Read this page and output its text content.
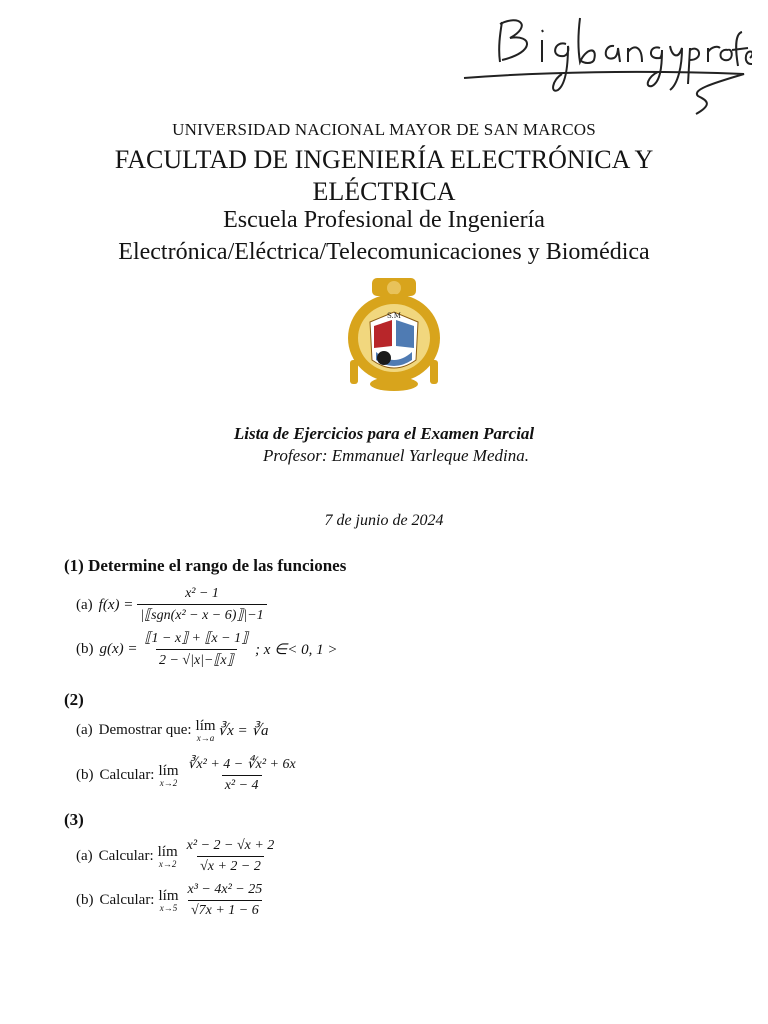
UNIVERSIDAD NACIONAL MAYOR DE SAN MARCOS
FACULTAD DE INGENIERÍA ELECTRÓNICA Y ELÉCTRICA
Escuela Profesional de Ingeniería
Electrónica/Eléctrica/Telecomunicaciones y Biomédica
S.M
Lista de Ejercicios para el Examen Parcial
Profesor: Emmanuel Yarleque Medina.
7 de junio de 2024
(1) Determine el rango de las funciones
(a) $f(x) = \frac{\text{x² − 1}}{\text{|⟦sgn(x² − x − 6)⟧|−1}}$
(b) $g(x) = \frac{⟦1 - x⟧ + ⟦x - 1⟧}{2 - √|x|-⟦x⟧}$ ; x ∈< 0, 1 >
(2)
(a) Demostrar que: lím
x→a ∛x = ∛a
(b) Calcular: lím
$x\to 2 \frac{\text{∛x² + 4 − ∜x² + 6x}}{\text{x² − 4}}$
(3)
(a) Calcular: lím
$x\to 2 \frac{\text{x² − 2 − √x + 2}}{√x + 2 - 2}$
(b) Calcular: lím
$x\to 5 \frac{\text{x³ − 4x² − 25}}{√7x + 1 - 6}$
